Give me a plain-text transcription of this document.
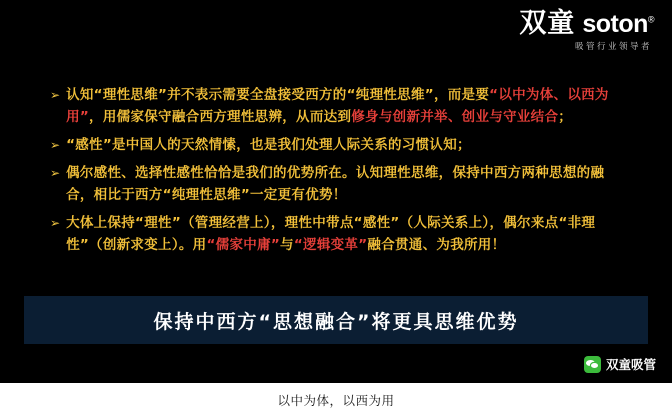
双童 soton®
吸管行业领导者
➢ 认知“理性思维”并不表示需要全盘接受西方的“纯理性思维”，而是要“以中为体、以西为用”，用儒家保守融合西方理性思辨，从而达到修身与创新并举、创业与守业结合；
➢ “感性”是中国人的天然情愫，也是我们处理人际关系的习惯认知；
➢ 偶尔感性、选择性感性恰恰是我们的优势所在。认知理性思维，保持中西方两种思想的融合，相比于西方“纯理性思维”一定更有优势！
➢ 大体上保持“理性”（管理经营上），理性中带点“感性”（人际关系上），偶尔来点“非理性”（创新求变上）。用“儒家中庸”与“逻辑变革”融合贯通、为我所用！
保持中西方“思想融合”将更具思维优势
双童吸管
以中为体，以西为用
